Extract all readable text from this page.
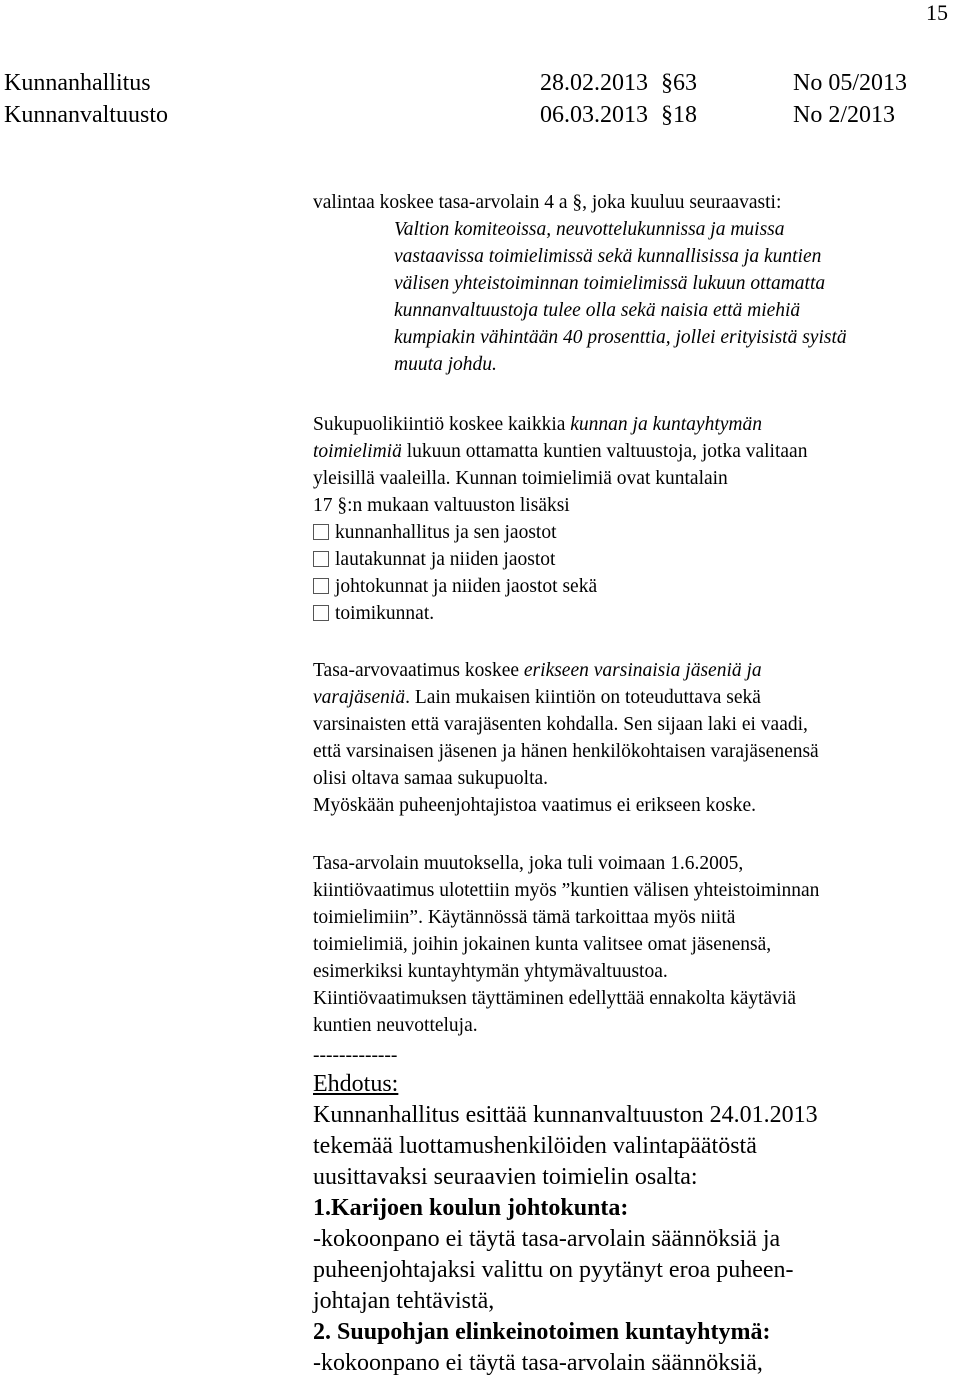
15
Kunnanhallitus	28.02.2013 §63	No 05/2013
Kunnanvaltuusto	06.03.2013 §18	No 2/2013
valintaa koskee tasa-arvolain 4 a §, joka kuuluu seuraavasti:
Valtion komiteoissa, neuvottelukunnissa ja muissa
vastaavissa toimielimissä sekä kunnallisissa ja kuntien
välisen yhteistoiminnan toimielimissä lukuun ottamatta
kunnanvaltuustoja tulee olla sekä naisia että miehiä
kumpiakin vähintään 40 prosenttia, jollei erityisistä syistä
muuta johdu.
Sukupuolikiintiö koskee kaikkia kunnan ja kuntayhtymän
toimielimiä lukuun ottamatta kuntien valtuustoja, jotka valitaan
yleisillä vaaleilla. Kunnan toimielimiä ovat kuntalain
17 §:n mukaan valtuuston lisäksi
kunnanhallitus ja sen jaostot
lautakunnat ja niiden jaostot
johtokunnat ja niiden jaostot sekä
toimikunnat.
Tasa-arvovaatimus koskee erikseen varsinaisia jäseniä ja
varajäseniä. Lain mukaisen kiintiön on toteuduttava sekä
varsinaisten että varajäsenten kohdalla. Sen sijaan laki ei vaadi,
että varsinaisen jäsenen ja hänen henkilökohtaisen varajäsenensä
olisi oltava samaa sukupuolta.
Myöskään puheenjohtajistoa vaatimus ei erikseen koske.
Tasa-arvolain muutoksella, joka tuli voimaan 1.6.2005,
kiintiövaatimus ulotettiin myös ”kuntien välisen yhteistoiminnan
toimielimiin”. Käytännössä tämä tarkoittaa myös niitä
toimielimiä, joihin jokainen kunta valitsee omat jäsenensä,
esimerkiksi kuntayhtymän yhtymävaltuustoa.
Kiintiövaatimuksen täyttäminen edellyttää ennakolta käytäviä
kuntien neuvotteluja.
-------------
Ehdotus:
Kunnanhallitus esittää kunnanvaltuuston 24.01.2013
tekemää luottamushenkilöiden valintapäätöstä
uusittavaksi seuraavien toimielin osalta:
1.Karijoen koulun johtokunta:
-kokoonpano ei täytä tasa-arvolain säännöksiä ja
puheenjohtajaksi valittu on pyytänyt eroa puheen-
johtajan tehtävistä,
2. Suupohjan elinkeinotoimen kuntayhtymä:
-kokoonpano ei täytä tasa-arvolain säännöksiä,
